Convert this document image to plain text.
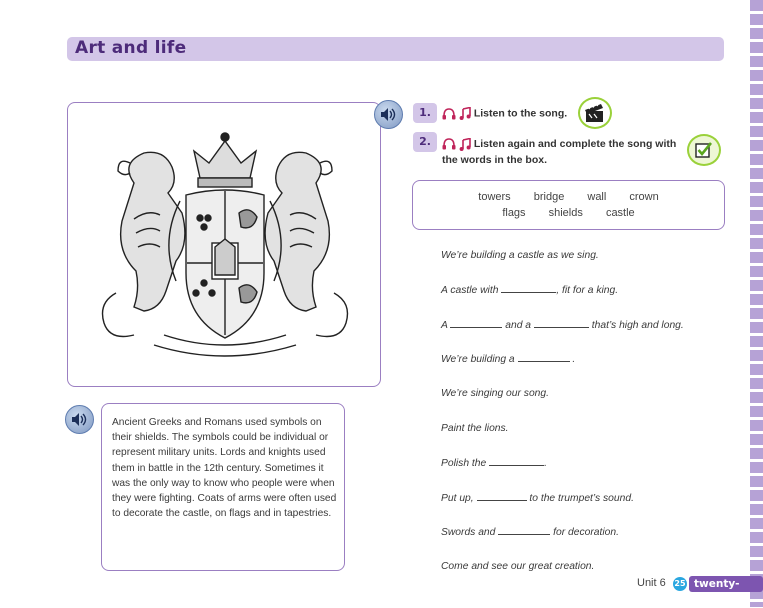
Art and life

Ancient Greeks and Romans used symbols on their shields. The symbols could be individual or represent military units. Lords and knights used them in battle in the 12th century. Sometimes it was the only way to know who people were when they were fighting. Coats of arms were often used to decorate the castle, on flags and in tapestries.

1.	Listen to the song.
2.	Listen again and complete the song with the words in the box.
towers bridge wall crown
flags shields castle
We’re building a castle as we sing.
A castle with	, fit for a king.
A	and a	that’s high and long.
We’re building a	.
We’re singing our song.
Paint the lions.
Polish the	.
Put up,	to the trumpet’s sound.
Swords and	for decoration.
Come and see our great creation.
Unit 6 25 twenty-five
